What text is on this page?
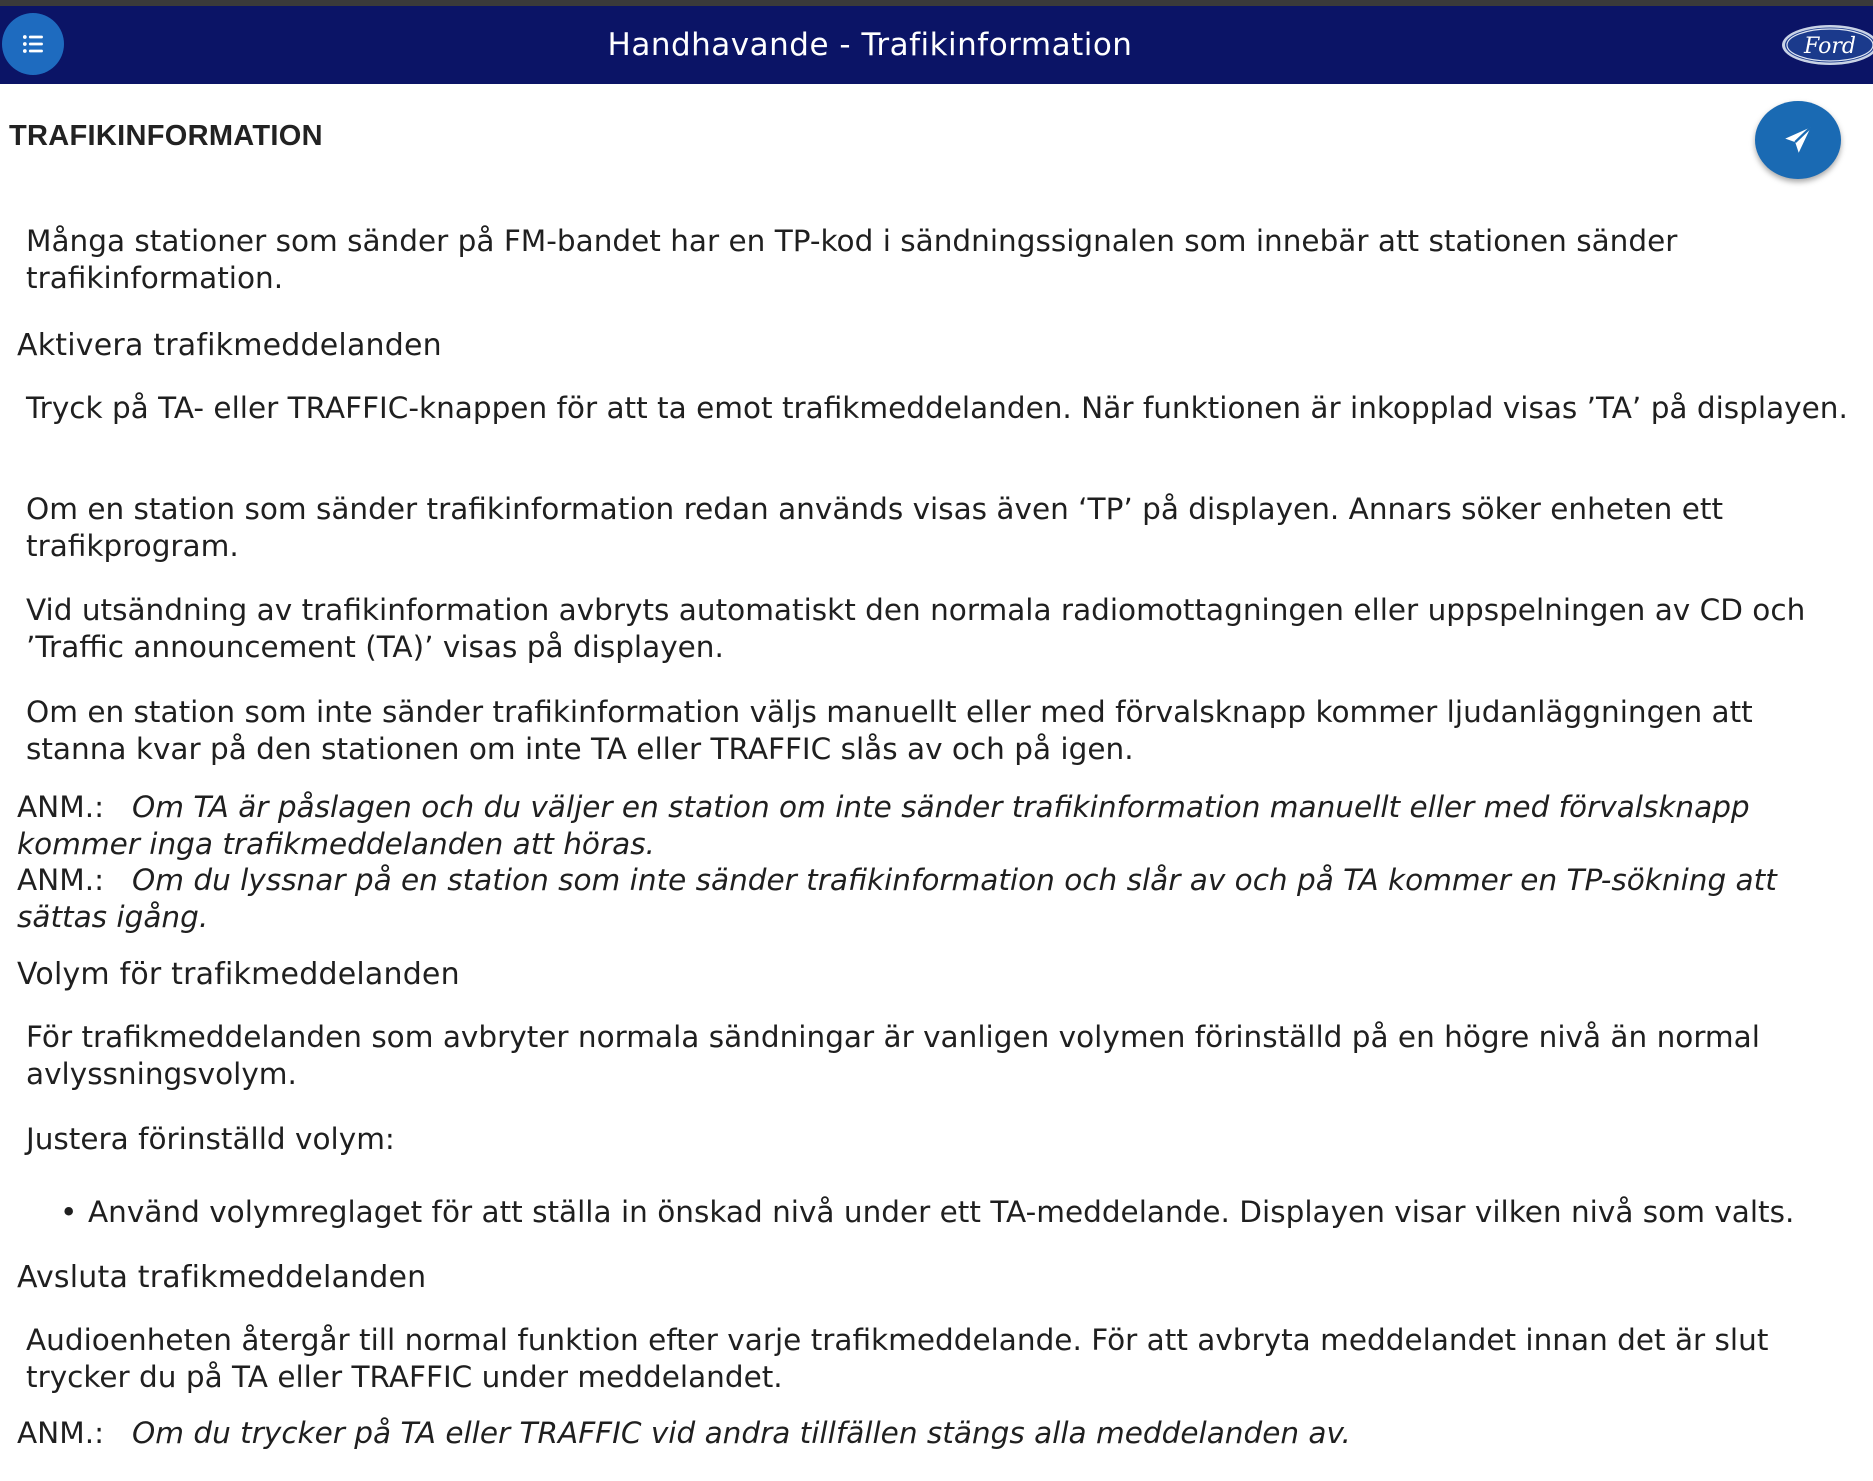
Handhavande - Trafikinformation	Ford
TRAFIKINFORMATION
Många stationer som sänder på FM-bandet har en TP-kod i sändningssignalen som innebär att stationen sänder trafikinformation.
Aktivera trafikmeddelanden
Tryck på TA- eller TRAFFIC-knappen för att ta emot trafikmeddelanden. När funktionen är inkopplad visas ’TA’ på displayen.
Om en station som sänder trafikinformation redan används visas även ‘TP’ på displayen. Annars söker enheten ett trafikprogram.
Vid utsändning av trafikinformation avbryts automatiskt den normala radiomottagningen eller uppspelningen av CD och ’Traffic announcement (TA)’ visas på displayen.
Om en station som inte sänder trafikinformation väljs manuellt eller med förvalsknapp kommer ljudanläggningen att stanna kvar på den stationen om inte TA eller TRAFFIC slås av och på igen.
ANM.: Om TA är påslagen och du väljer en station om inte sänder trafikinformation manuellt eller med förvalsknapp kommer inga trafikmeddelanden att höras.
ANM.: Om du lyssnar på en station som inte sänder trafikinformation och slår av och på TA kommer en TP-sökning att sättas igång.
Volym för trafikmeddelanden
För trafikmeddelanden som avbryter normala sändningar är vanligen volymen förinställd på en högre nivå än normal avlyssningsvolym.
Justera förinställd volym:
• Använd volymreglaget för att ställa in önskad nivå under ett TA-meddelande. Displayen visar vilken nivå som valts.
Avsluta trafikmeddelanden
Audioenheten återgår till normal funktion efter varje trafikmeddelande. För att avbryta meddelandet innan det är slut trycker du på TA eller TRAFFIC under meddelandet.
ANM.: Om du trycker på TA eller TRAFFIC vid andra tillfällen stängs alla meddelanden av.
